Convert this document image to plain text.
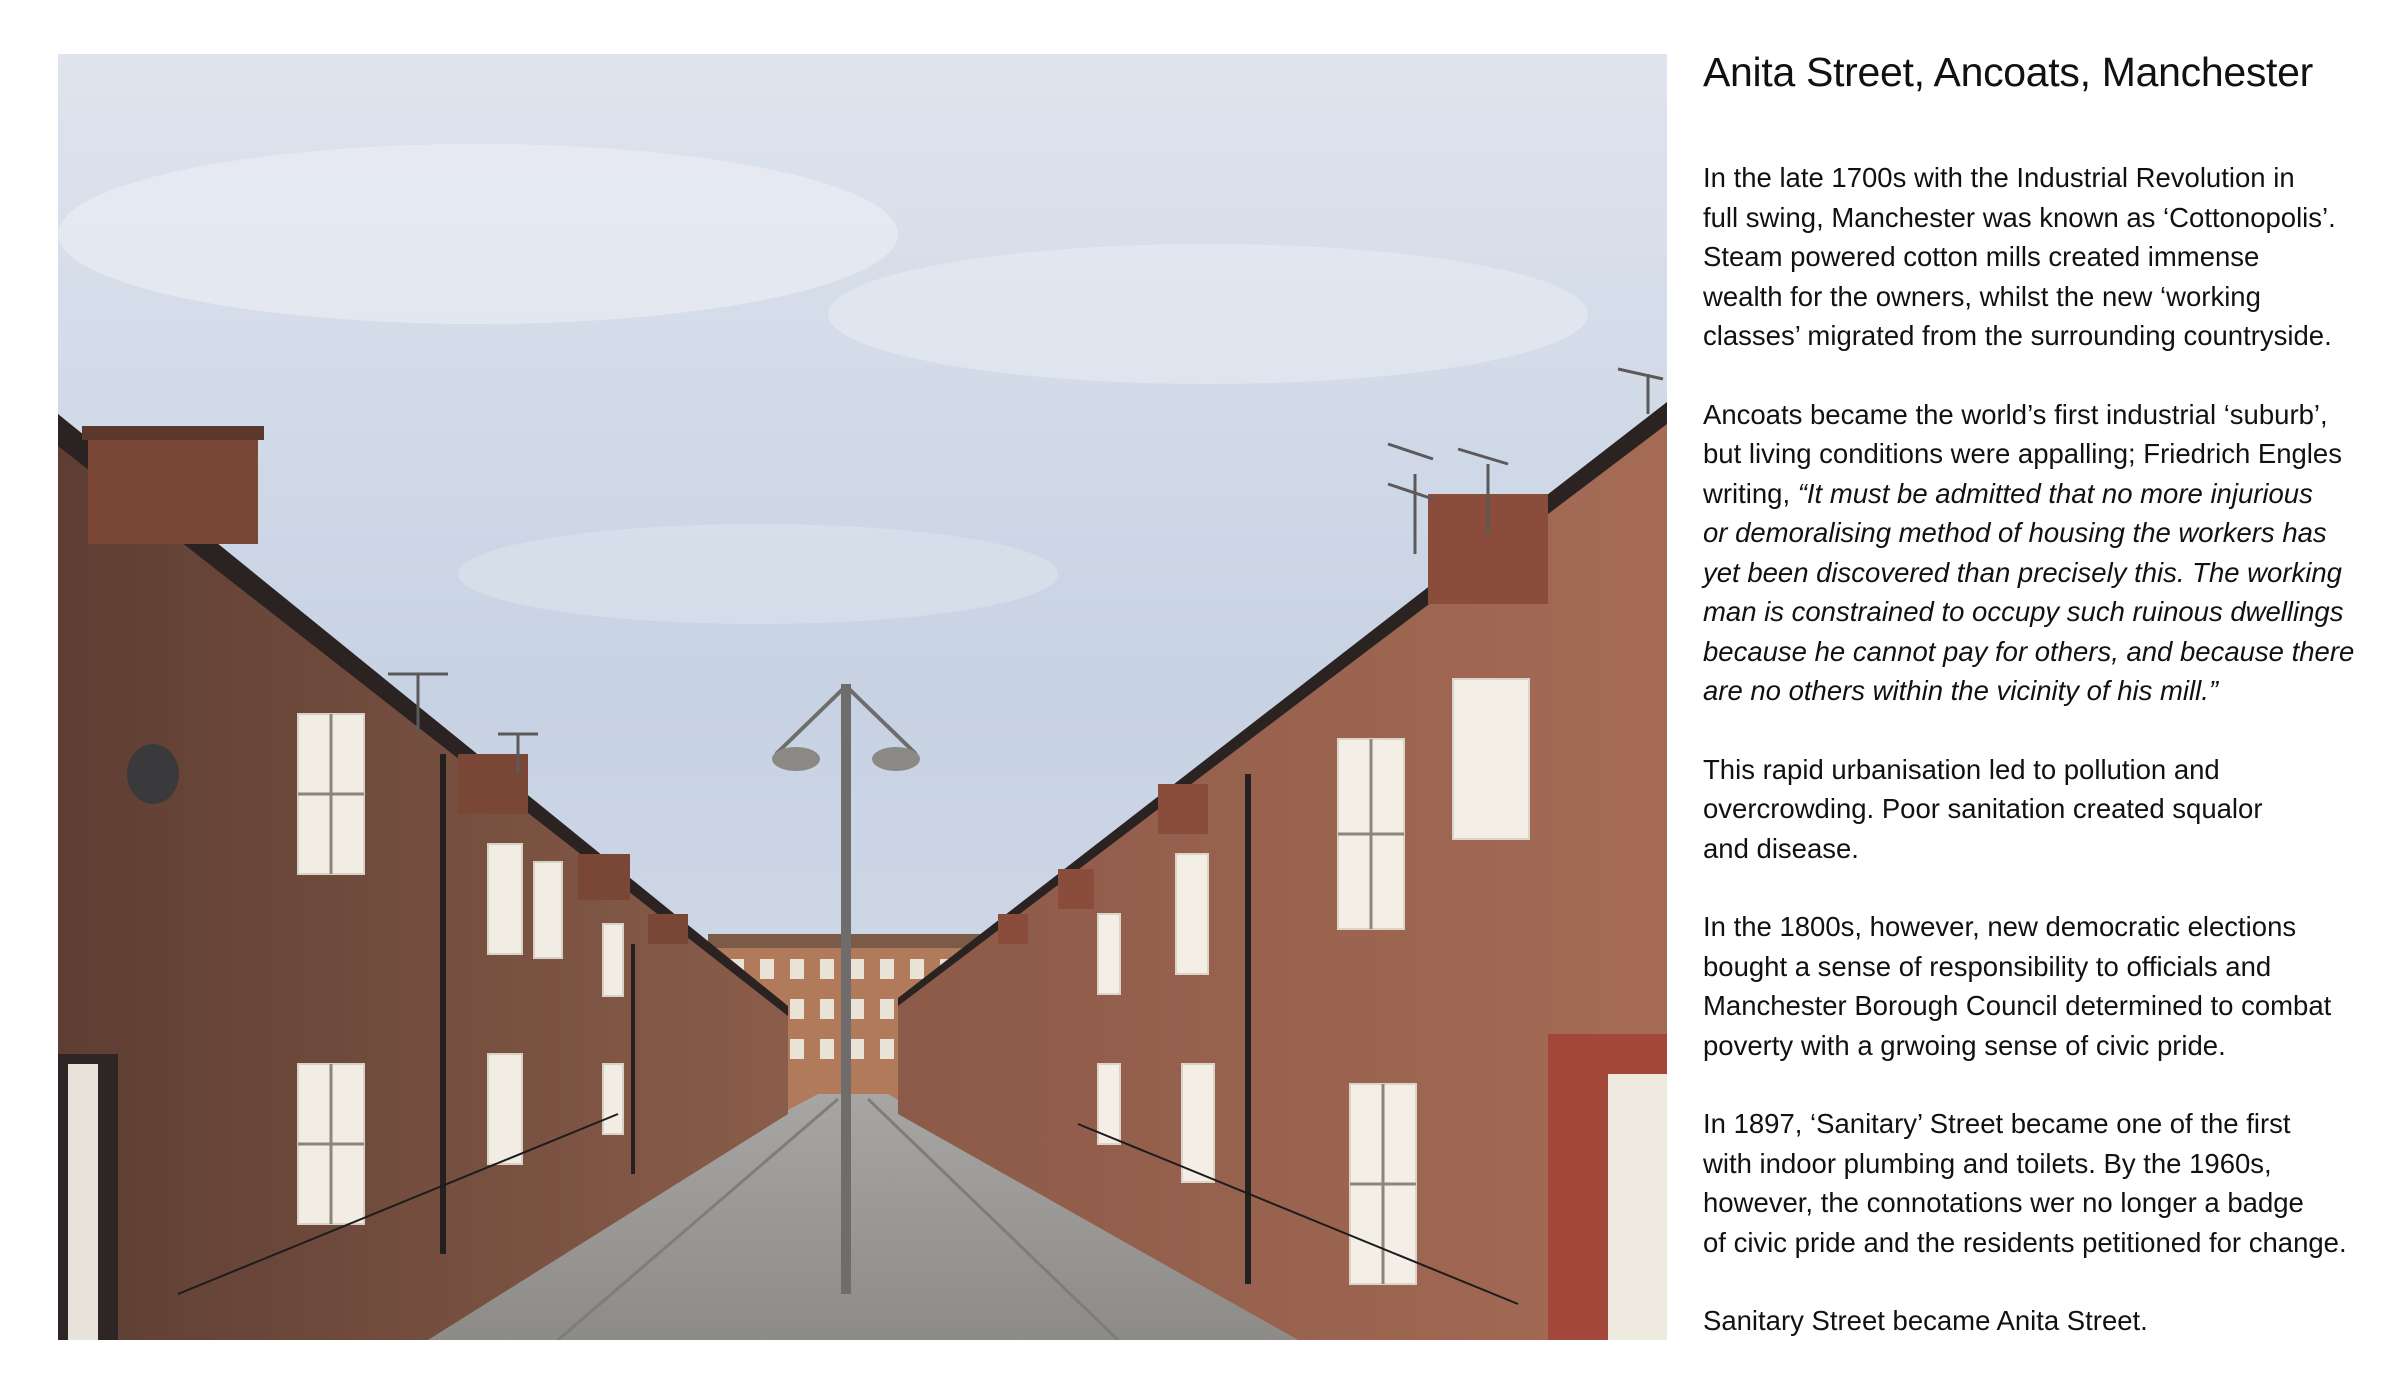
Anita Street, Ancoats, Manchester

In the late 1700s with the Industrial Revolution in
full swing, Manchester was known as ‘Cottonopolis’.
Steam powered cotton mills created immense
wealth for the owners, whilst the new ‘working
classes’ migrated from the surrounding countryside.

Ancoats became the world’s first industrial ‘suburb’,
but living conditions were appalling; Friedrich Engles
writing, “It must be admitted that no more injurious
or demoralising method of housing the workers has
yet been discovered than precisely this. The working
man is constrained to occupy such ruinous dwellings
because he cannot pay for others, and because there
are no others within the vicinity of his mill.”

This rapid urbanisation led to pollution and
overcrowding. Poor sanitation created squalor
and disease.

In the 1800s, however, new democratic elections
bought a sense of responsibility to officials and
Manchester Borough Council determined to combat
poverty with a grwoing sense of civic pride.

In 1897, ‘Sanitary’ Street became one of the first
with indoor plumbing and toilets. By the 1960s,
however, the connotations wer no longer a badge
of civic pride and the residents petitioned for change.

Sanitary Street became Anita Street.
